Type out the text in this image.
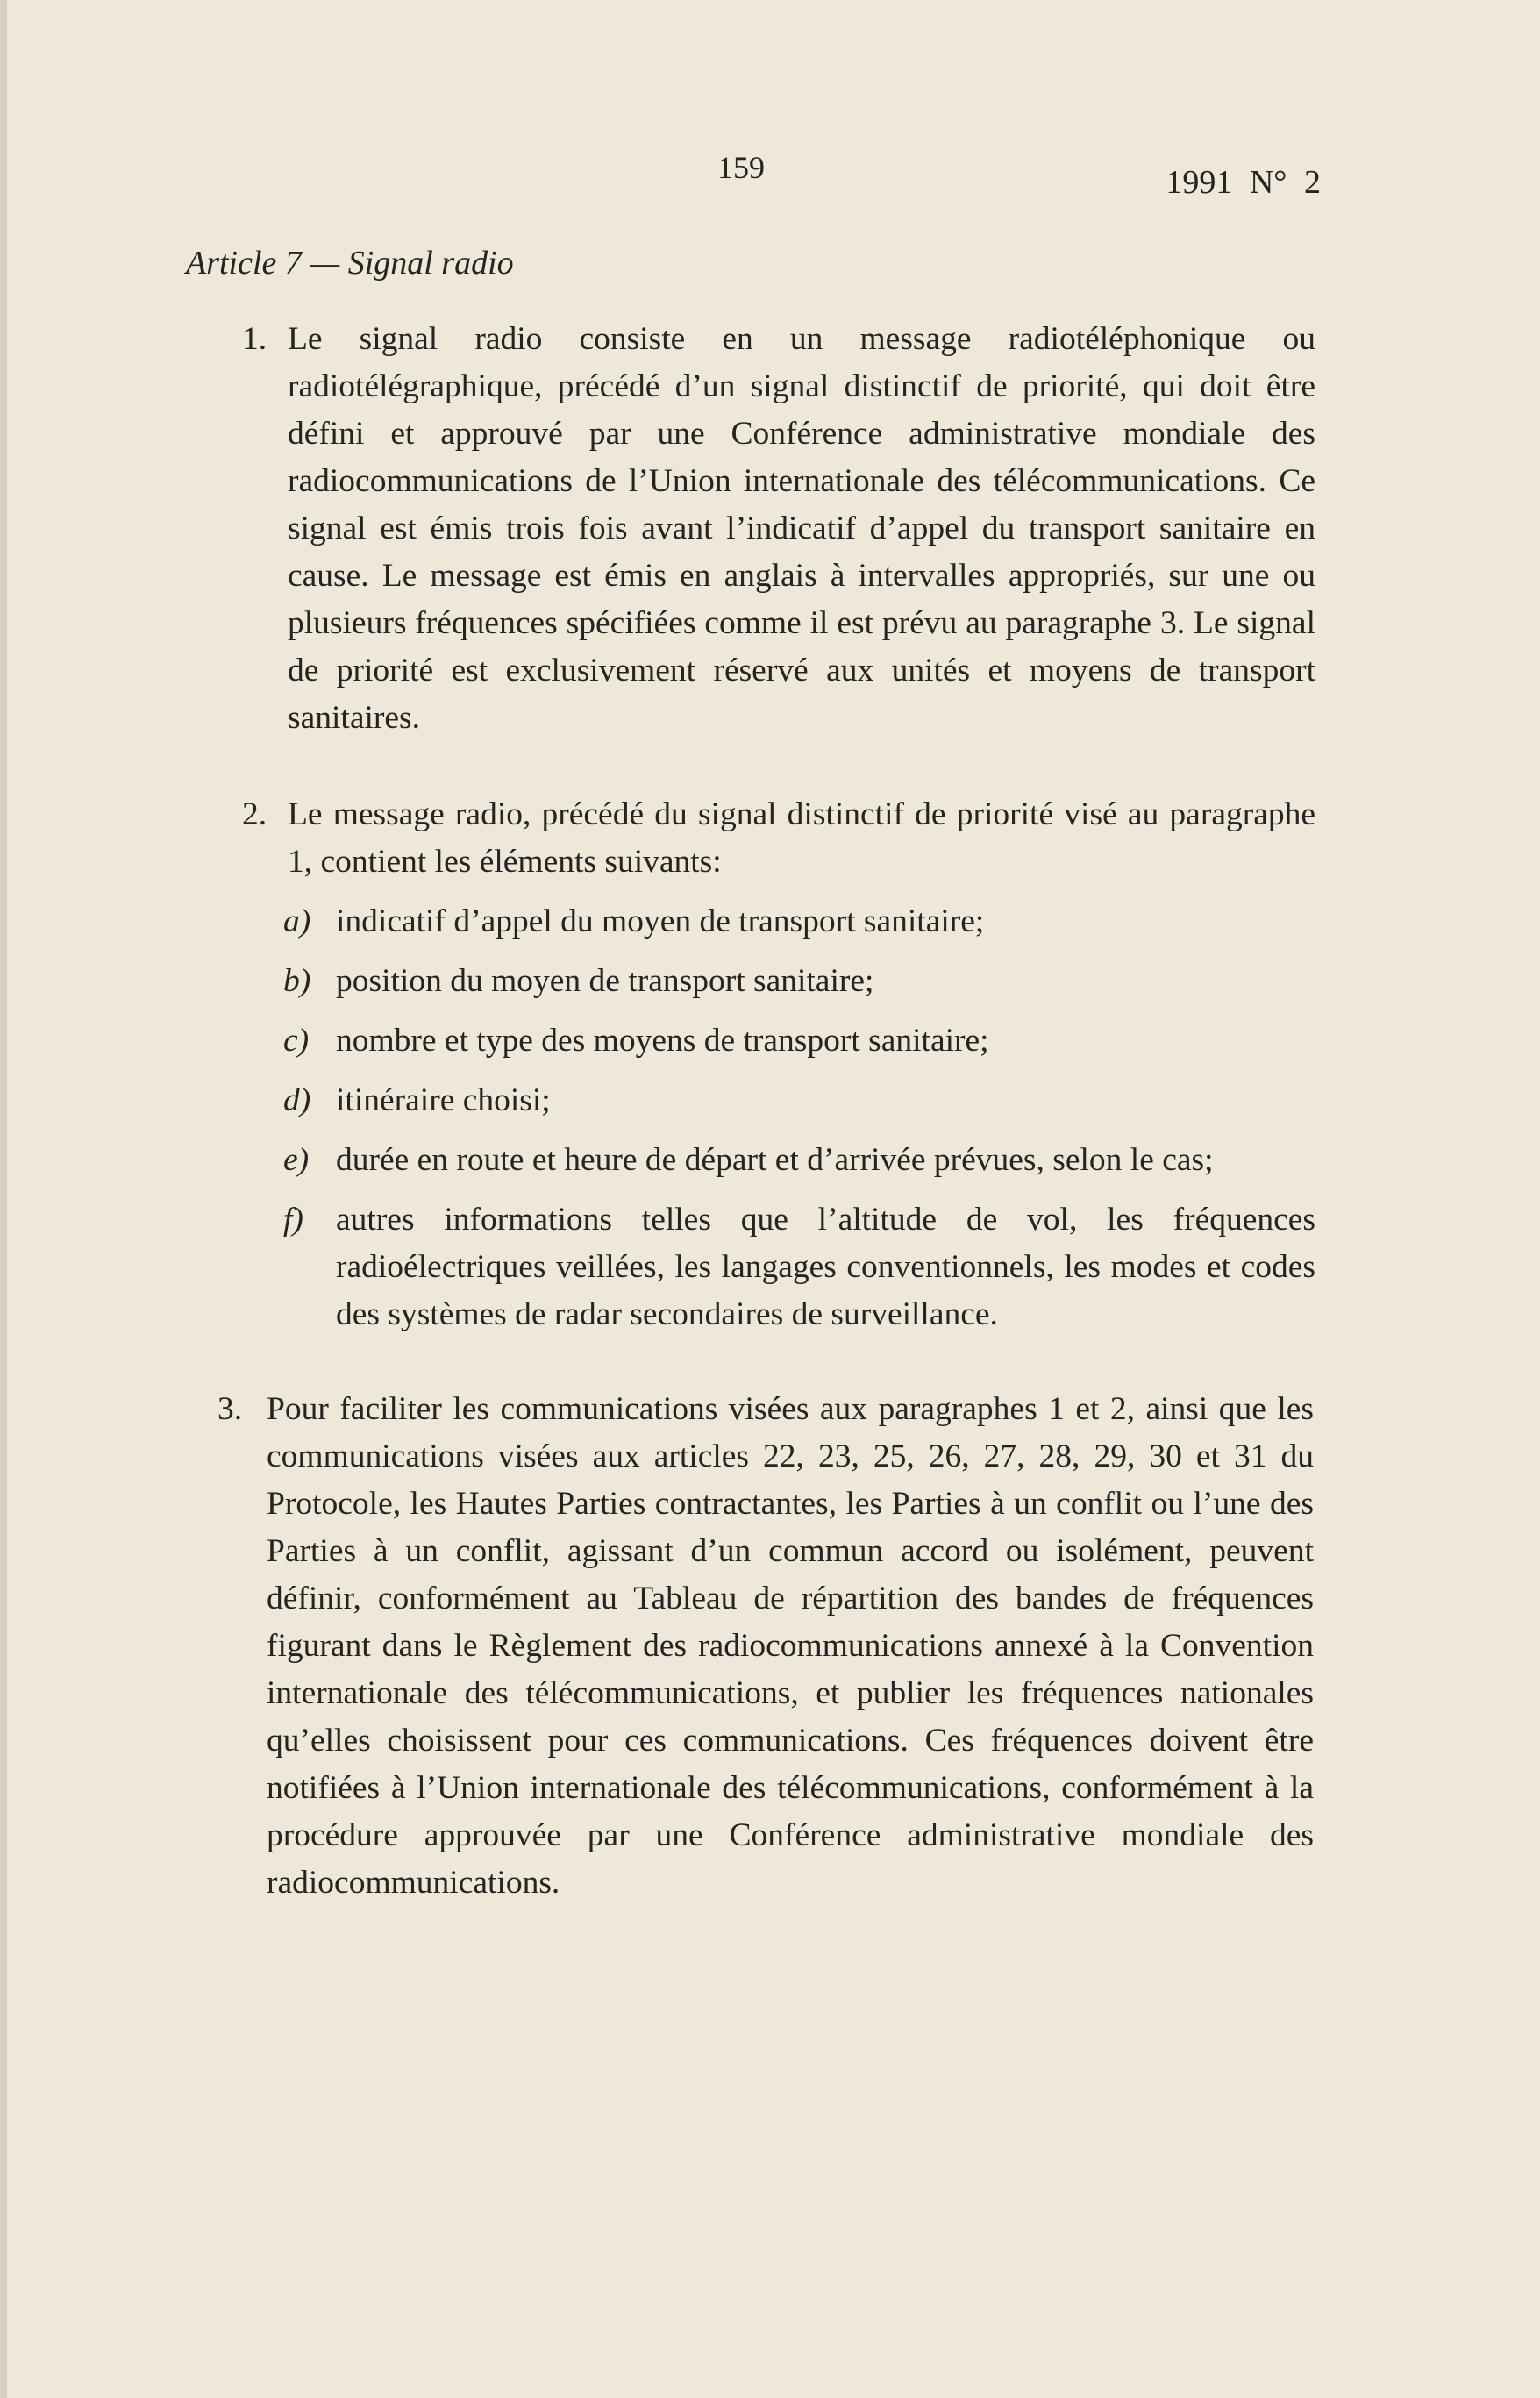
159	1991 N° 2
Article 7 — Signal radio
1. Le signal radio consiste en un message radiotéléphonique ou radiotélégraphique, précédé d’un signal distinctif de priorité, qui doit être défini et approuvé par une Conférence administrative mondiale des radiocommunications de l’Union internationale des télécommunications. Ce signal est émis trois fois avant l’indicatif d’appel du transport sanitaire en cause. Le message est émis en anglais à intervalles appropriés, sur une ou plusieurs fréquences spécifiées comme il est prévu au paragraphe 3. Le signal de priorité est exclusivement réservé aux unités et moyens de transport sanitaires.
2. Le message radio, précédé du signal distinctif de priorité visé au paragraphe 1, contient les éléments suivants:
a) indicatif d’appel du moyen de transport sanitaire;
b) position du moyen de transport sanitaire;
c) nombre et type des moyens de transport sanitaire;
d) itinéraire choisi;
e) durée en route et heure de départ et d’arrivée prévues, selon le cas;
f) autres informations telles que l’altitude de vol, les fréquences radioélectriques veillées, les langages conventionnels, les modes et codes des systèmes de radar secondaires de surveillance.
3. Pour faciliter les communications visées aux paragraphes 1 et 2, ainsi que les communications visées aux articles 22, 23, 25, 26, 27, 28, 29, 30 et 31 du Protocole, les Hautes Parties contractantes, les Parties à un conflit ou l’une des Parties à un conflit, agissant d’un commun accord ou isolément, peuvent définir, conformément au Tableau de répartition des bandes de fréquences figurant dans le Règlement des radiocommunications annexé à la Convention internationale des télécommunications, et publier les fréquences nationales qu’elles choisissent pour ces communications. Ces fréquences doivent être notifiées à l’Union internationale des télécommunications, conformément à la procédure approuvée par une Conférence administrative mondiale des radiocommunications.
